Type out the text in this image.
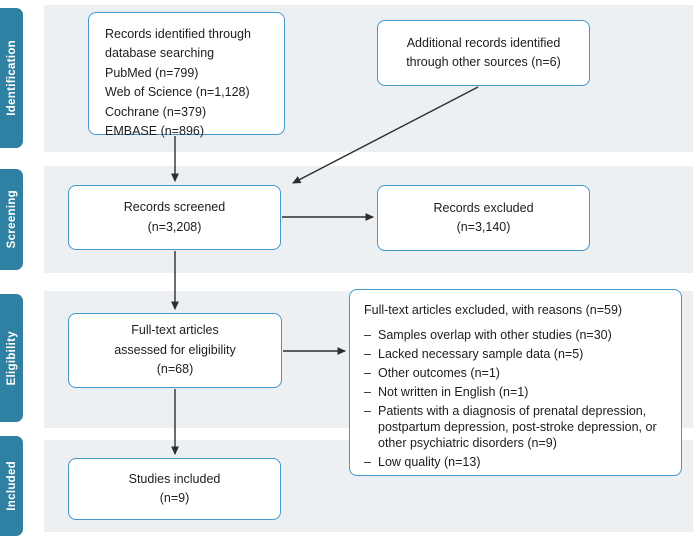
Identification
Screening
Eligibility
Included
Records identified through
database searching
PubMed (n=799)
Web of Science (n=1,128)
Cochrane (n=379)
EMBASE (n=896)
Additional records identified
through other sources (n=6)
Records screened
(n=3,208)
Records excluded
(n=3,140)
Full-text articles
assessed for eligibility
(n=68)
Full-text articles excluded, with reasons (n=59)
– Samples overlap with other studies (n=30)
– Lacked necessary sample data (n=5)
– Other outcomes (n=1)
– Not written in English (n=1)
– Patients with a diagnosis of prenatal depression, postpartum depression, post-stroke depression, or other psychiatric disorders (n=9)
– Low quality (n=13)
Studies included
(n=9)
